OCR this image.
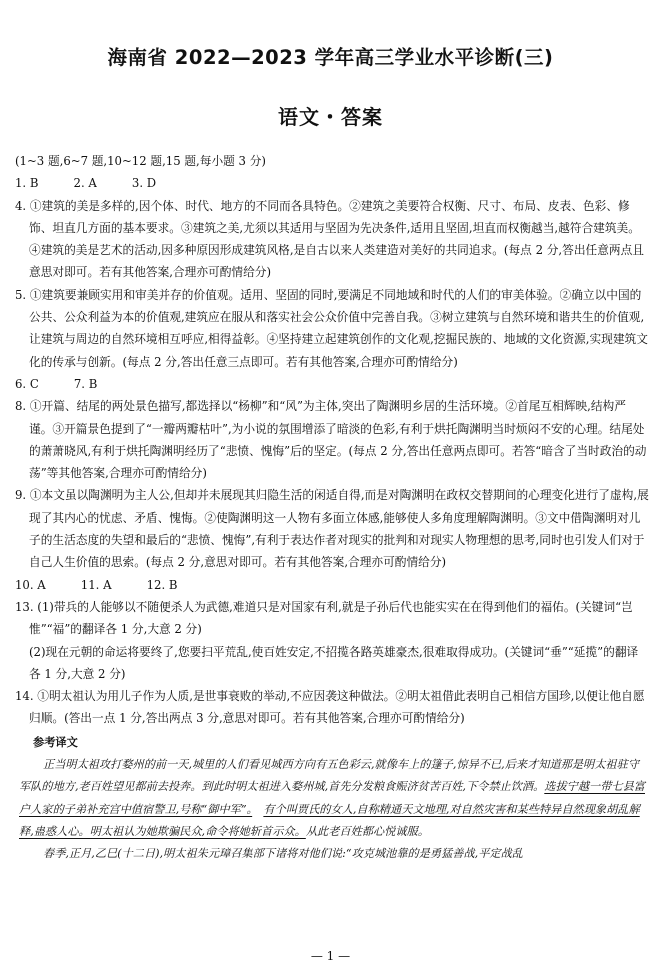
海南省 2022—2023 学年高三学业水平诊断(三)
语文・答案

(1~3 题,6~7 题,10~12 题,15 题,每小题 3 分)

1. B　　　2. A　　　3. D

4. ①建筑的美是多样的,因个体、时代、地方的不同而各具特色。②建筑之美要符合权衡、尺寸、布局、皮表、色彩、修饰、坦直几方面的基本要求。③建筑之美,尤须以其适用与坚固为先决条件,适用且坚固,坦直而权衡越当,越符合建筑美。④建筑的美是艺术的活动,因多种原因形成建筑风格,是自古以来人类建造对美好的共同追求。(每点 2 分,答出任意两点且意思对即可。若有其他答案,合理亦可酌情给分)

5. ①建筑要兼顾实用和审美并存的价值观。适用、坚固的同时,要满足不同地域和时代的人们的审美体验。②确立以中国的公共、公众利益为本的价值观,建筑应在服从和落实社会公众价值中完善自我。③树立建筑与自然环境和谐共生的价值观,让建筑与周边的自然环境相互呼应,相得益彰。④坚持建立起建筑创作的文化观,挖掘民族的、地域的文化资源,实现建筑文化的传承与创新。(每点 2 分,答出任意三点即可。若有其他答案,合理亦可酌情给分)

6. C　　　7. B

8. ①开篇、结尾的两处景色描写,都选择以“杨柳”和“风”为主体,突出了陶渊明乡居的生活环境。②首尾互相辉映,结构严谨。③开篇景色提到了“一瓣两瓣枯叶”,为小说的氛围增添了暗淡的色彩,有利于烘托陶渊明当时烦闷不安的心理。结尾处的萧萧晓风,有利于烘托陶渊明经历了“悲愤、愧悔”后的坚定。(每点 2 分,答出任意两点即可。若答“暗含了当时政治的动荡”等其他答案,合理亦可酌情给分)

9. ①本文虽以陶渊明为主人公,但却并未展现其归隐生活的闲适自得,而是对陶渊明在政权交替期间的心理变化进行了虚构,展现了其内心的忧虑、矛盾、愧悔。②使陶渊明这一人物有多面立体感,能够使人多角度理解陶渊明。③文中借陶渊明对儿子的生活态度的失望和最后的“悲愤、愧悔”,有利于表达作者对现实的批判和对现实人物理想的思考,同时也引发人们对于自己人生价值的思索。(每点 2 分,意思对即可。若有其他答案,合理亦可酌情给分)

10. A　　　11. A　　　12. B

13. (1)带兵的人能够以不随便杀人为武德,难道只是对国家有利,就是子孙后代也能实实在在得到他们的福佑。(关键词“岂惟”“福”的翻译各 1 分,大意 2 分)

(2)现在元朝的命运将要终了,您要扫平荒乱,使百姓安定,不招揽各路英雄豪杰,很难取得成功。(关键词“垂”“延揽”的翻译各 1 分,大意 2 分)

14. ①明太祖认为用儿子作为人质,是世事衰败的举动,不应因袭这种做法。②明太祖借此表明自己相信方国珍,以便让他自愿归顺。(答出一点 1 分,答出两点 3 分,意思对即可。若有其他答案,合理亦可酌情给分)

参考译文

正当明太祖攻打婺州的前一天,城里的人们看见城西方向有五色彩云,就像车上的篷子,惊异不已,后来才知道那是明太祖驻守军队的地方,老百姓望见都前去投奔。到此时明太祖进入婺州城,首先分发粮食赈济贫苦百姓,下令禁止饮酒。选拔宁越一带七县富户人家的子弟补充宫中值宿警卫,号称“御中军”。　 有个叫贾氏的女人,自称精通天文地理,对自然灾害和某些特异自然现象胡乱解释,蛊惑人心。明太祖认为她欺骗民众,命令将她斩首示众。从此老百姓都心悦诚服。

春季,正月,乙巳(十二日),明太祖朱元璋召集部下诸将对他们说:“攻克城池靠的是勇猛善战,平定战乱

— 1 —
